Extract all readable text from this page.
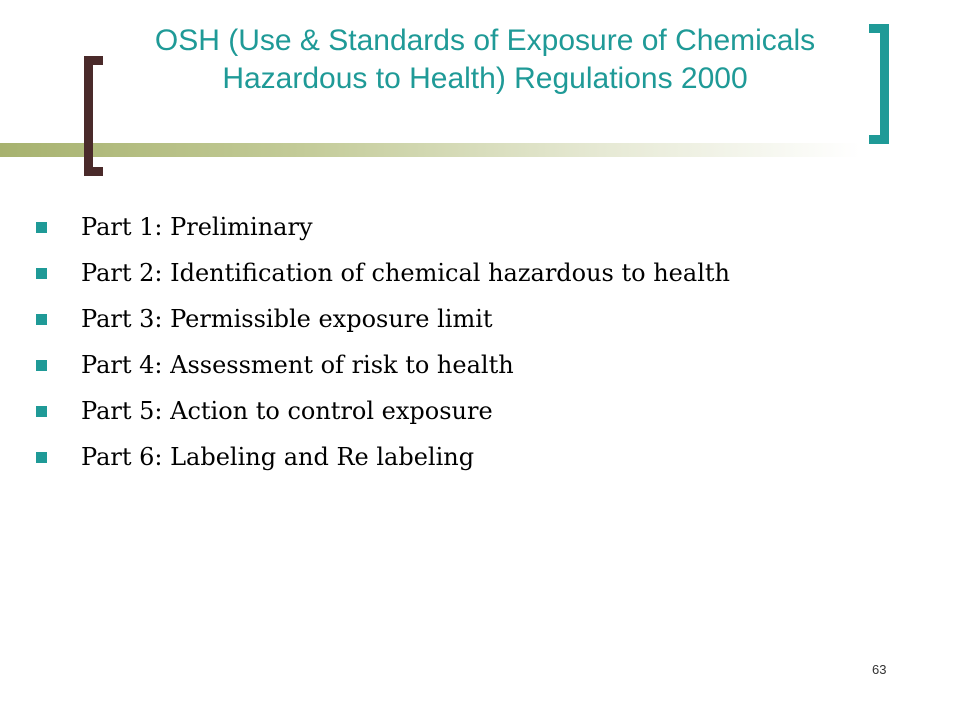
OSH (Use & Standards of Exposure of Chemicals Hazardous to Health) Regulations 2000
Part 1: Preliminary
Part 2: Identification of chemical hazardous to health
Part 3: Permissible exposure limit
Part 4: Assessment of risk to health
Part 5: Action to control exposure
Part 6: Labeling and Re labeling
63
